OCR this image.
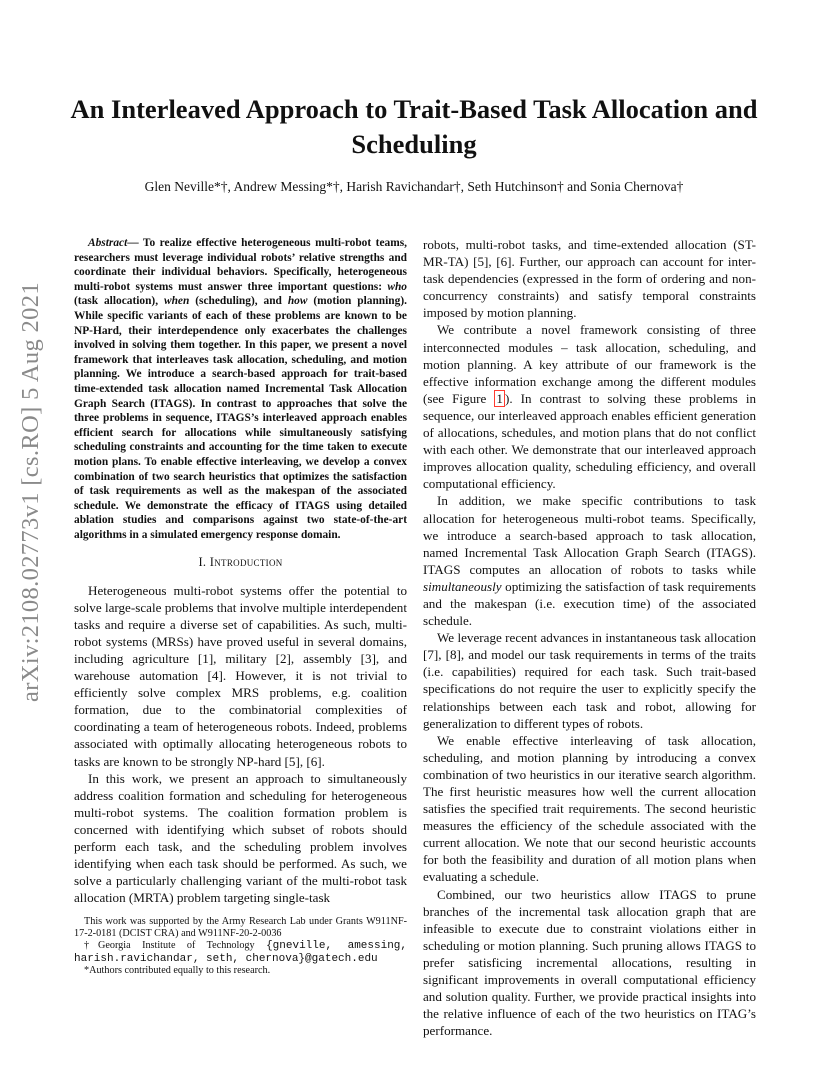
An Interleaved Approach to Trait-Based Task Allocation and Scheduling
Glen Neville*†, Andrew Messing*†, Harish Ravichandar†, Seth Hutchinson† and Sonia Chernova†
arXiv:2108.02773v1 [cs.RO] 5 Aug 2021

Abstract— To realize effective heterogeneous multi-robot teams, researchers must leverage individual robots’ relative strengths and coordinate their individual behaviors. Specifically, heterogeneous multi-robot systems must answer three important questions: who (task allocation), when (scheduling), and how (motion planning). While specific variants of each of these problems are known to be NP-Hard, their interdependence only exacerbates the challenges involved in solving them together. In this paper, we present a novel framework that interleaves task allocation, scheduling, and motion planning. We introduce a search-based approach for trait-based time-extended task allocation named Incremental Task Allocation Graph Search (ITAGS). In contrast to approaches that solve the three problems in sequence, ITAGS’s interleaved approach enables efficient search for allocations while simultaneously satisfying scheduling constraints and accounting for the time taken to execute motion plans. To enable effective interleaving, we develop a convex combination of two search heuristics that optimizes the satisfaction of task requirements as well as the makespan of the associated schedule. We demonstrate the efficacy of ITAGS using detailed ablation studies and comparisons against two state-of-the-art algorithms in a simulated emergency response domain.

I. Introduction

Heterogeneous multi-robot systems offer the potential to solve large-scale problems that involve multiple interdependent tasks and require a diverse set of capabilities. As such, multi-robot systems (MRSs) have proved useful in several domains, including agriculture [1], military [2], assembly [3], and warehouse automation [4]. However, it is not trivial to efficiently solve complex MRS problems, e.g. coalition formation, due to the combinatorial complexities of coordinating a team of heterogeneous robots. Indeed, problems associated with optimally allocating heterogeneous robots to tasks are known to be strongly NP-hard [5], [6].

In this work, we present an approach to simultaneously address coalition formation and scheduling for heterogeneous multi-robot systems. The coalition formation problem is concerned with identifying which subset of robots should perform each task, and the scheduling problem involves identifying when each task should be performed. As such, we solve a particularly challenging variant of the multi-robot task allocation (MRTA) problem targeting single-task

This work was supported by the Army Research Lab under Grants W911NF-17-2-0181 (DCIST CRA) and W911NF-20-2-0036

†Georgia Institute of Technology {gneville, amessing, harish.ravichandar, seth, chernova}@gatech.edu

*Authors contributed equally to this research.

robots, multi-robot tasks, and time-extended allocation (ST-MR-TA) [5], [6]. Further, our approach can account for inter-task dependencies (expressed in the form of ordering and non-concurrency constraints) and satisfy temporal constraints imposed by motion planning.

We contribute a novel framework consisting of three interconnected modules – task allocation, scheduling, and motion planning. A key attribute of our framework is the effective information exchange among the different modules (see Figure 1 ). In contrast to solving these problems in sequence, our interleaved approach enables efficient generation of allocations, schedules, and motion plans that do not conflict with each other. We demonstrate that our interleaved approach improves allocation quality, scheduling efficiency, and overall computational efficiency.

In addition, we make specific contributions to task allocation for heterogeneous multi-robot teams. Specifically, we introduce a search-based approach to task allocation, named Incremental Task Allocation Graph Search (ITAGS). ITAGS computes an allocation of robots to tasks while simultaneously optimizing the satisfaction of task requirements and the makespan (i.e. execution time) of the associated schedule.

We leverage recent advances in instantaneous task allocation [7], [8], and model our task requirements in terms of the traits (i.e. capabilities) required for each task. Such trait-based specifications do not require the user to explicitly specify the relationships between each task and robot, allowing for generalization to different types of robots.

We enable effective interleaving of task allocation, scheduling, and motion planning by introducing a convex combination of two heuristics in our iterative search algorithm. The first heuristic measures how well the current allocation satisfies the specified trait requirements. The second heuristic measures the efficiency of the schedule associated with the current allocation. We note that our second heuristic accounts for both the feasibility and duration of all motion plans when evaluating a schedule.

Combined, our two heuristics allow ITAGS to prune branches of the incremental task allocation graph that are infeasible to execute due to constraint violations either in scheduling or motion planning. Such pruning allows ITAGS to prefer satisficing incremental allocations, resulting in significant improvements in overall computational efficiency and solution quality. Further, we provide practical insights into the relative influence of each of the two heuristics on ITAG’s performance.
